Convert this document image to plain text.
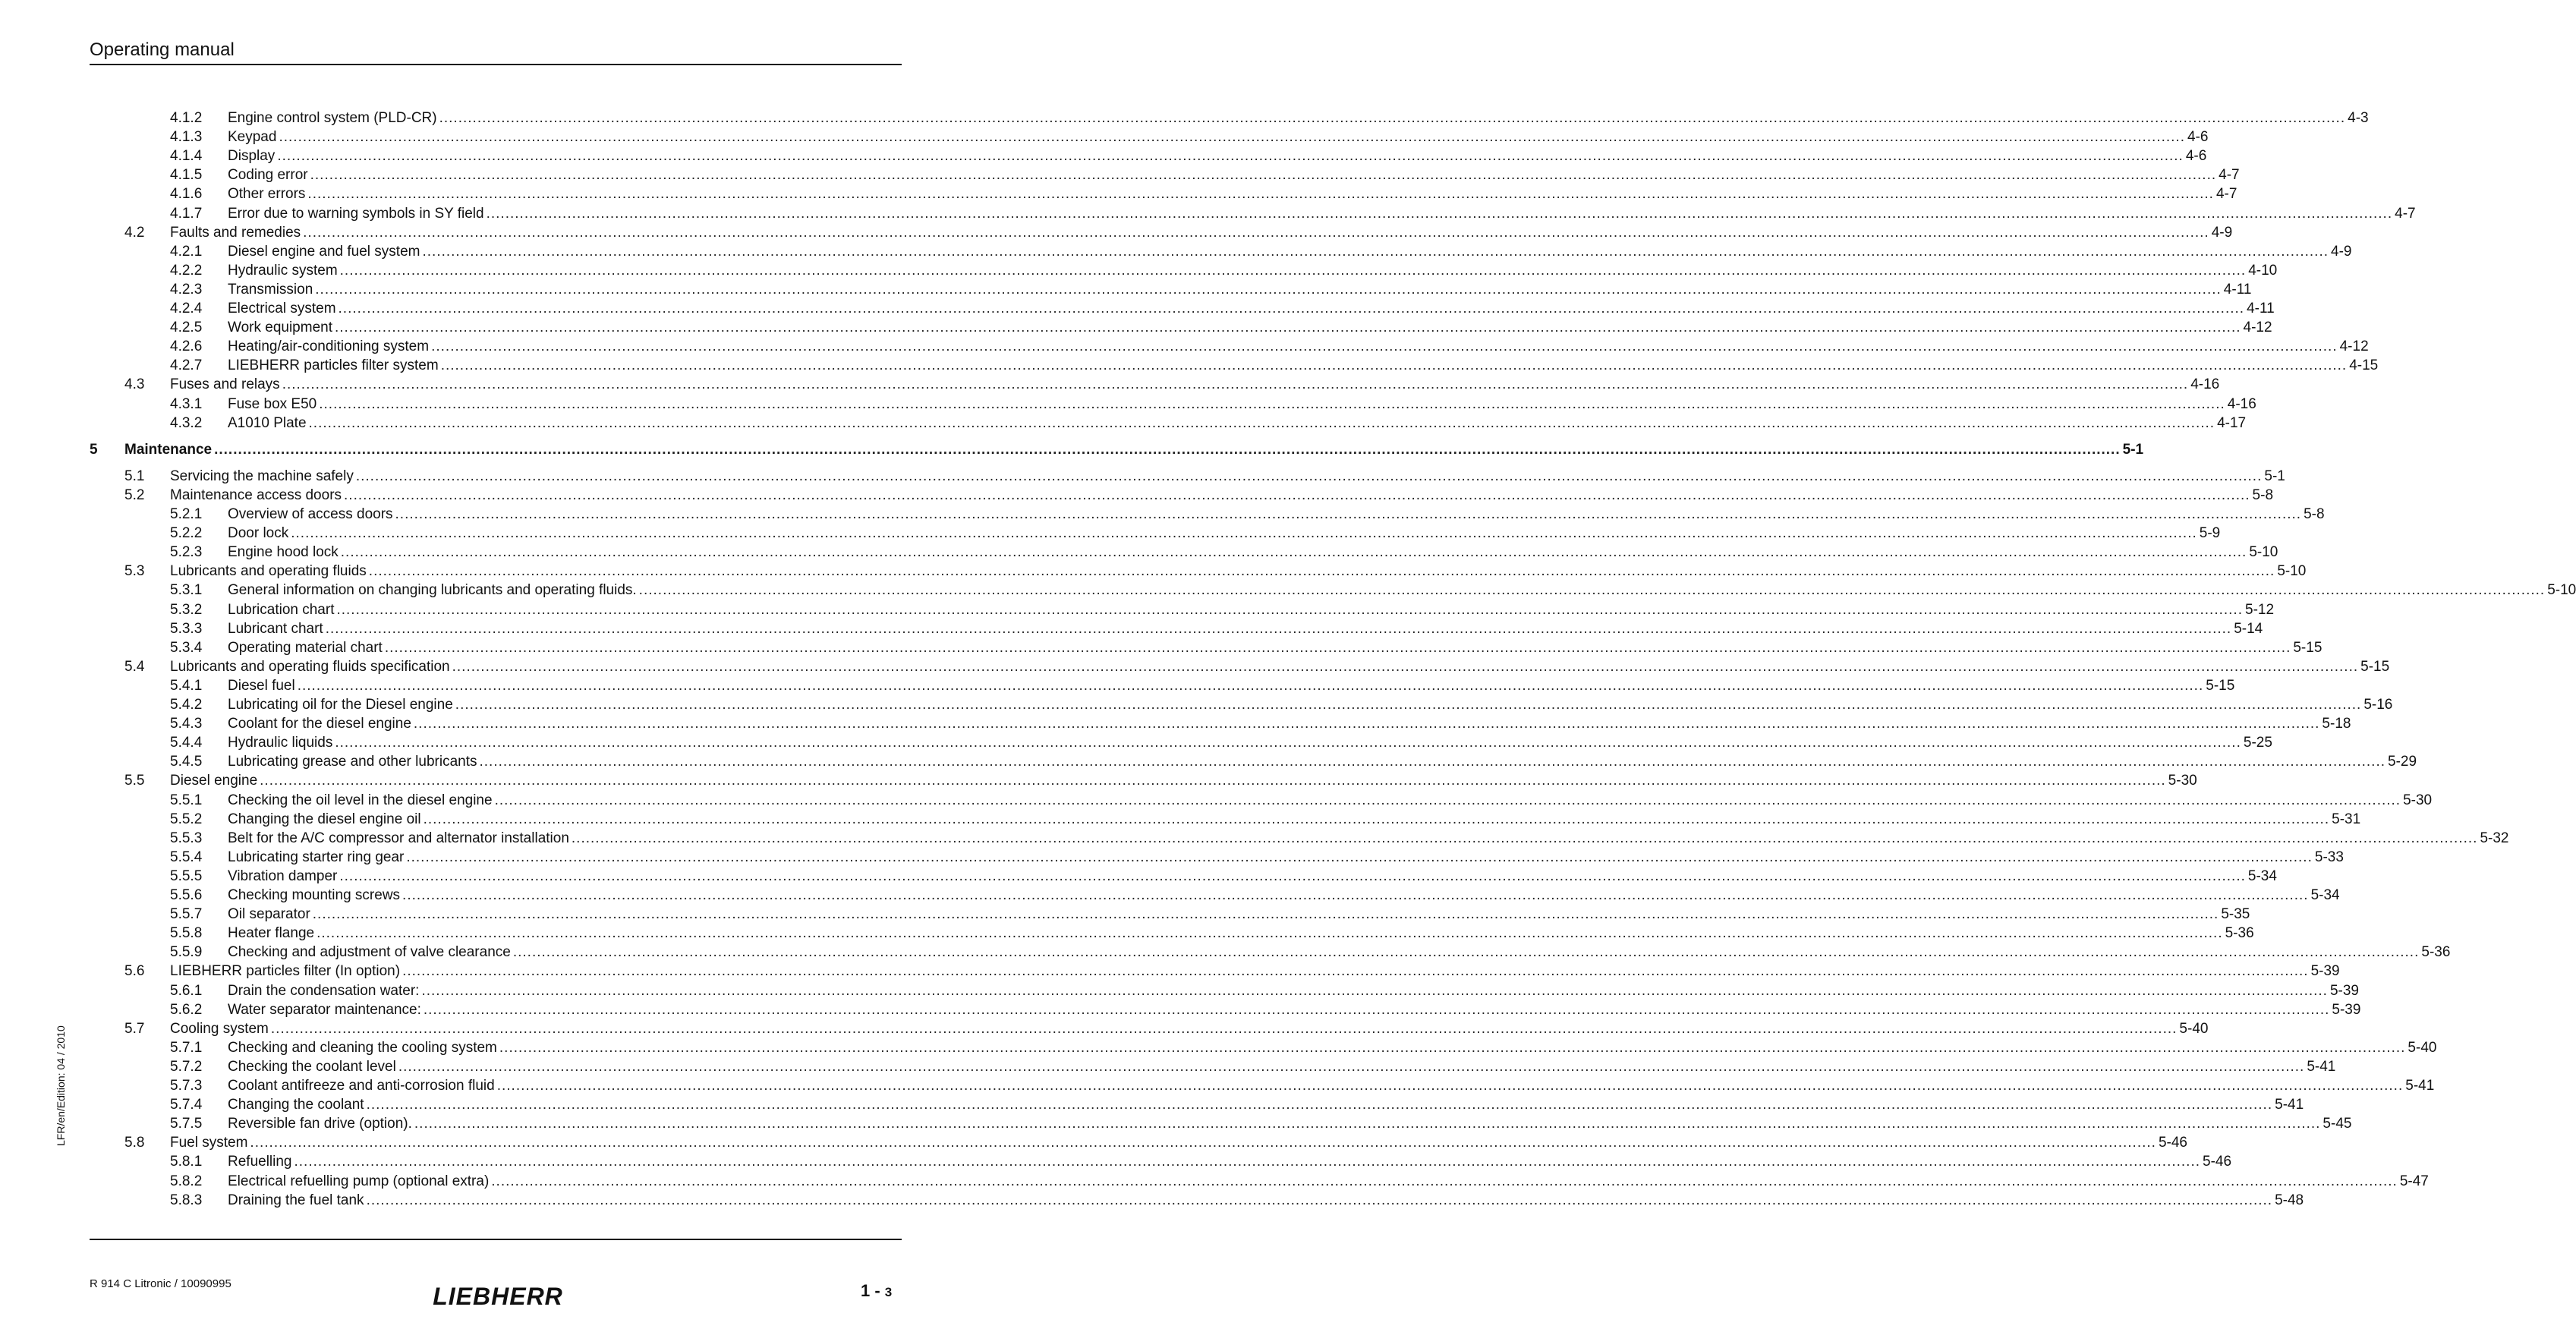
Operating manual
4.1.2 Engine control system (PLD-CR) ................................................................................................................................................................................................................................................................................................................................................................................................................ 4-3
4.1.3 Keypad ................................................................................................................................................................................................................................................................................................................................................................................................................ 4-6
4.1.4 Display ................................................................................................................................................................................................................................................................................................................................................................................................................ 4-6
4.1.5 Coding error ................................................................................................................................................................................................................................................................................................................................................................................................................ 4-7
4.1.6 Other errors ................................................................................................................................................................................................................................................................................................................................................................................................................ 4-7
4.1.7 Error due to warning symbols in SY field ................................................................................................................................................................................................................................................................................................................................................................................................................ 4-7
4.2 Faults and remedies ................................................................................................................................................................................................................................................................................................................................................................................................................ 4-9
4.2.1 Diesel engine and fuel system ................................................................................................................................................................................................................................................................................................................................................................................................................ 4-9
4.2.2 Hydraulic system ................................................................................................................................................................................................................................................................................................................................................................................................................ 4-10
4.2.3 Transmission ................................................................................................................................................................................................................................................................................................................................................................................................................ 4-11
4.2.4 Electrical system ................................................................................................................................................................................................................................................................................................................................................................................................................ 4-11
4.2.5 Work equipment ................................................................................................................................................................................................................................................................................................................................................................................................................ 4-12
4.2.6 Heating/air-conditioning system ................................................................................................................................................................................................................................................................................................................................................................................................................ 4-12
4.2.7 LIEBHERR particles filter system ................................................................................................................................................................................................................................................................................................................................................................................................................ 4-15
4.3 Fuses and relays ................................................................................................................................................................................................................................................................................................................................................................................................................ 4-16
4.3.1 Fuse box E50 ................................................................................................................................................................................................................................................................................................................................................................................................................ 4-16
4.3.2 A1010 Plate ................................................................................................................................................................................................................................................................................................................................................................................................................ 4-17
5 Maintenance ................................................................................................................................................................................................................................................................................................................................................................................................................ 5-1
5.1 Servicing the machine safely ................................................................................................................................................................................................................................................................................................................................................................................................................ 5-1
5.2 Maintenance access doors ................................................................................................................................................................................................................................................................................................................................................................................................................ 5-8
5.2.1 Overview of access doors ................................................................................................................................................................................................................................................................................................................................................................................................................ 5-8
5.2.2 Door lock ................................................................................................................................................................................................................................................................................................................................................................................................................ 5-9
5.2.3 Engine hood lock ................................................................................................................................................................................................................................................................................................................................................................................................................ 5-10
5.3 Lubricants and operating fluids ................................................................................................................................................................................................................................................................................................................................................................................................................ 5-10
5.3.1 General information on changing lubricants and operating fluids. ................................................................................................................................................................................................................................................................................................................................................................................................................ 5-10
5.3.2 Lubrication chart ................................................................................................................................................................................................................................................................................................................................................................................................................ 5-12
5.3.3 Lubricant chart ................................................................................................................................................................................................................................................................................................................................................................................................................ 5-14
5.3.4 Operating material chart ................................................................................................................................................................................................................................................................................................................................................................................................................ 5-15
5.4 Lubricants and operating fluids specification ................................................................................................................................................................................................................................................................................................................................................................................................................ 5-15
5.4.1 Diesel fuel ................................................................................................................................................................................................................................................................................................................................................................................................................ 5-15
5.4.2 Lubricating oil for the Diesel engine ................................................................................................................................................................................................................................................................................................................................................................................................................ 5-16
5.4.3 Coolant for the diesel engine ................................................................................................................................................................................................................................................................................................................................................................................................................ 5-18
5.4.4 Hydraulic liquids ................................................................................................................................................................................................................................................................................................................................................................................................................ 5-25
5.4.5 Lubricating grease and other lubricants ................................................................................................................................................................................................................................................................................................................................................................................................................ 5-29
5.5 Diesel engine ................................................................................................................................................................................................................................................................................................................................................................................................................ 5-30
5.5.1 Checking the oil level in the diesel engine ................................................................................................................................................................................................................................................................................................................................................................................................................ 5-30
5.5.2 Changing the diesel engine oil ................................................................................................................................................................................................................................................................................................................................................................................................................ 5-31
5.5.3 Belt for the A/C compressor and alternator installation ................................................................................................................................................................................................................................................................................................................................................................................................................ 5-32
5.5.4 Lubricating starter ring gear ................................................................................................................................................................................................................................................................................................................................................................................................................ 5-33
5.5.5 Vibration damper ................................................................................................................................................................................................................................................................................................................................................................................................................ 5-34
5.5.6 Checking mounting screws ................................................................................................................................................................................................................................................................................................................................................................................................................ 5-34
5.5.7 Oil separator ................................................................................................................................................................................................................................................................................................................................................................................................................ 5-35
5.5.8 Heater flange ................................................................................................................................................................................................................................................................................................................................................................................................................ 5-36
5.5.9 Checking and adjustment of valve clearance ................................................................................................................................................................................................................................................................................................................................................................................................................ 5-36
5.6 LIEBHERR particles filter (In option) ................................................................................................................................................................................................................................................................................................................................................................................................................ 5-39
5.6.1 Drain the condensation water: ................................................................................................................................................................................................................................................................................................................................................................................................................ 5-39
5.6.2 Water separator maintenance: ................................................................................................................................................................................................................................................................................................................................................................................................................ 5-39
5.7 Cooling system ................................................................................................................................................................................................................................................................................................................................................................................................................ 5-40
5.7.1 Checking and cleaning the cooling system ................................................................................................................................................................................................................................................................................................................................................................................................................ 5-40
5.7.2 Checking the coolant level ................................................................................................................................................................................................................................................................................................................................................................................................................ 5-41
5.7.3 Coolant antifreeze and anti-corrosion fluid ................................................................................................................................................................................................................................................................................................................................................................................................................ 5-41
5.7.4 Changing the coolant ................................................................................................................................................................................................................................................................................................................................................................................................................ 5-41
5.7.5 Reversible fan drive (option). ................................................................................................................................................................................................................................................................................................................................................................................................................ 5-45
5.8 Fuel system ................................................................................................................................................................................................................................................................................................................................................................................................................ 5-46
5.8.1 Refuelling ................................................................................................................................................................................................................................................................................................................................................................................................................ 5-46
5.8.2 Electrical refuelling pump (optional extra) ................................................................................................................................................................................................................................................................................................................................................................................................................ 5-47
5.8.3 Draining the fuel tank ................................................................................................................................................................................................................................................................................................................................................................................................................ 5-48
LFR/en/Edition: 04 / 2010
R 914 C Litronic / 10090995	LIEBHERR	1 - 3
